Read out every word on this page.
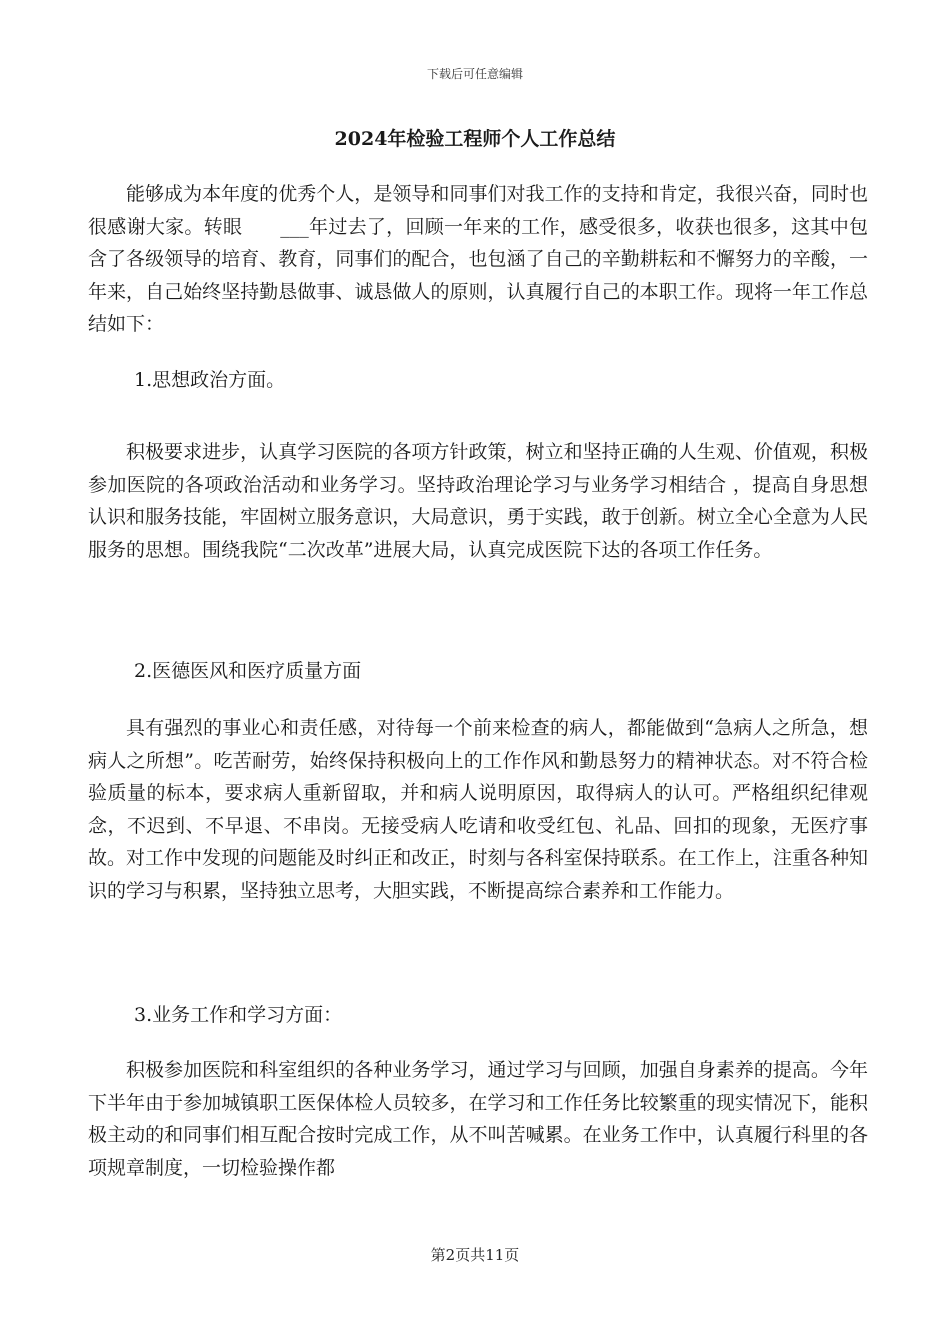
下载后可任意编辑
2024年检验工程师个人工作总结

能够成为本年度的优秀个人，是领导和同事们对我工作的支持和肯定，我很兴奋，同时也很感谢大家。转眼 ___年过去了，回顾一年来的工作，感受很多，收获也很多，这其中包含了各级领导的培育、教育，同事们的配合，也包涵了自己的辛勤耕耘和不懈努力的辛酸，一年来，自己始终坚持勤恳做事、诚恳做人的原则，认真履行自己的本职工作。现将一年工作总结如下：

1.思想政治方面。

积极要求进步，认真学习医院的各项方针政策，树立和坚持正确的人生观、价值观，积极参加医院的各项政治活动和业务学习。坚持政治理论学习与业务学习相结合 ，提高自身思想认识和服务技能，牢固树立服务意识，大局意识，勇于实践，敢于创新。树立全心全意为人民服务的思想。围绕我院“二次改革”进展大局，认真完成医院下达的各项工作任务。

2.医德医风和医疗质量方面

具有强烈的事业心和责任感，对待每一个前来检查的病人，都能做到“急病人之所急，想病人之所想”。吃苦耐劳，始终保持积极向上的工作作风和勤恳努力的精神状态。对不符合检验质量的标本，要求病人重新留取，并和病人说明原因，取得病人的认可。严格组织纪律观念，不迟到、不早退、不串岗。无接受病人吃请和收受红包、礼品、回扣的现象，无医疗事故。对工作中发现的问题能及时纠正和改正，时刻与各科室保持联系。在工作上，注重各种知识的学习与积累，坚持独立思考，大胆实践，不断提高综合素养和工作能力。

3.业务工作和学习方面：

积极参加医院和科室组织的各种业务学习，通过学习与回顾，加强自身素养的提高。今年下半年由于参加城镇职工医保体检人员较多，在学习和工作任务比较繁重的现实情况下，能积极主动的和同事们相互配合按时完成工作，从不叫苦喊累。在业务工作中，认真履行科里的各项规章制度，一切检验操作都

第2页共11页
